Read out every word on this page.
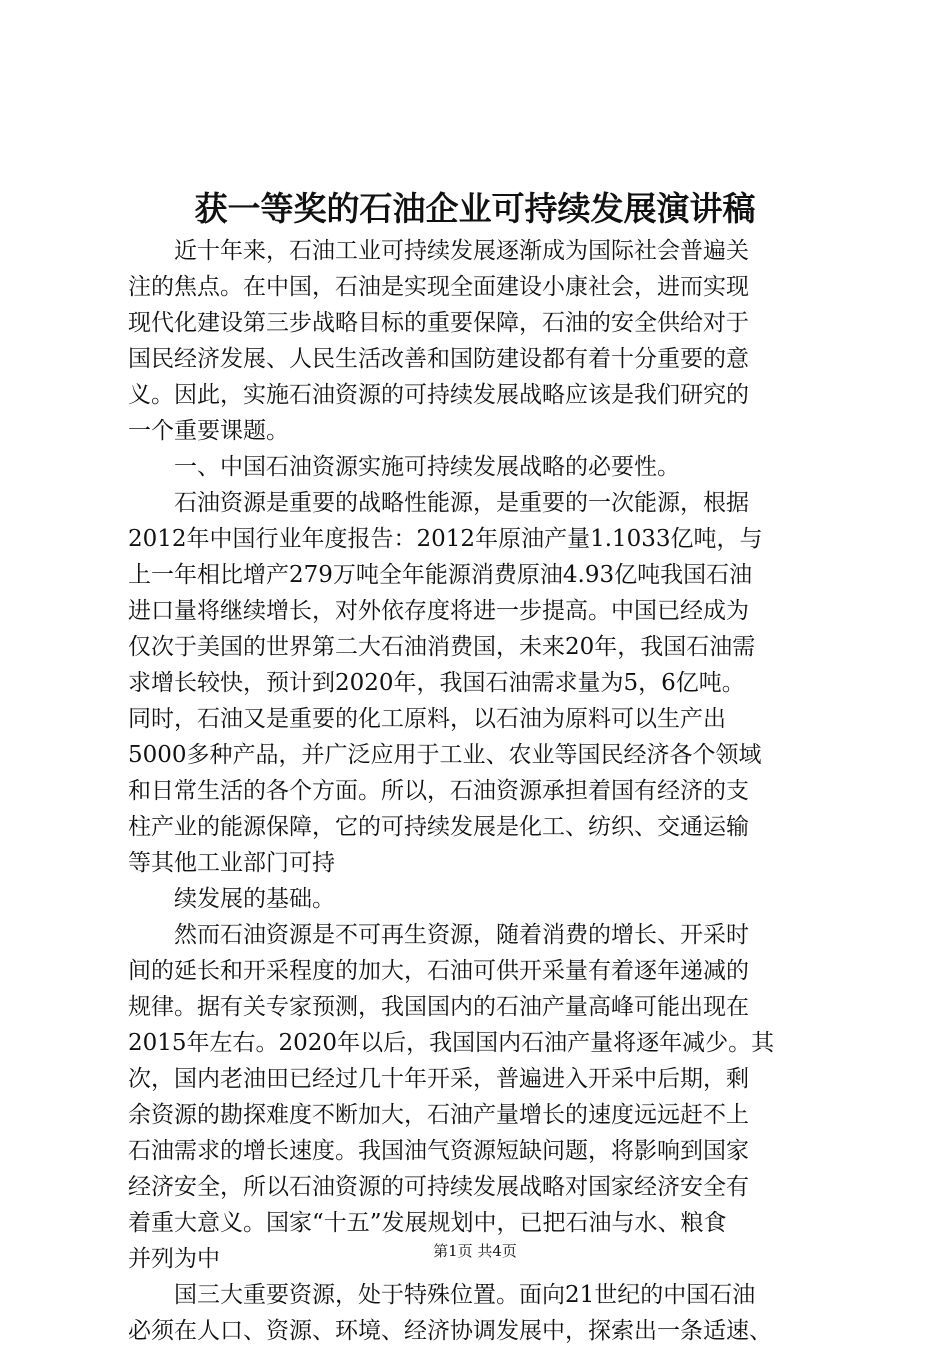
获一等奖的石油企业可持续发展演讲稿

　　近十年来，石油工业可持续发展逐渐成为国际社会普遍关

注的焦点。在中国，石油是实现全面建设小康社会，进而实现

现代化建设第三步战略目标的重要保障，石油的安全供给对于

国民经济发展、人民生活改善和国防建设都有着十分重要的意

义。因此，实施石油资源的可持续发展战略应该是我们研究的

一个重要课题。

　　一、中国石油资源实施可持续发展战略的必要性。

　　石油资源是重要的战略性能源，是重要的一次能源，根据

2012年中国行业年度报告：2012年原油产量1.1033亿吨，与

上一年相比增产279万吨全年能源消费原油4.93亿吨我国石油

进口量将继续增长，对外依存度将进一步提高。中国已经成为

仅次于美国的世界第二大石油消费国，未来20年，我国石油需

求增长较快，预计到2020年，我国石油需求量为5，6亿吨。

同时，石油又是重要的化工原料，以石油为原料可以生产出

5000多种产品，并广泛应用于工业、农业等国民经济各个领域

和日常生活的各个方面。所以，石油资源承担着国有经济的支

柱产业的能源保障，它的可持续发展是化工、纺织、交通运输

等其他工业部门可持

　　续发展的基础。

　　然而石油资源是不可再生资源，随着消费的增长、开采时

间的延长和开采程度的加大，石油可供开采量有着逐年递减的

规律。据有关专家预测，我国国内的石油产量高峰可能出现在

2015年左右。2020年以后，我国国内石油产量将逐年减少。其

次，国内老油田已经过几十年开采，普遍进入开采中后期，剩

余资源的勘探难度不断加大，石油产量增长的速度远远赶不上

石油需求的增长速度。我国油气资源短缺问题，将影响到国家

经济安全，所以石油资源的可持续发展战略对国家经济安全有

着重大意义。国家“十五”发展规划中，已把石油与水、粮食

并列为中

　　国三大重要资源，处于特殊位置。面向21世纪的中国石油

必须在人口、资源、环境、经济协调发展中，探索出一条适速、

第1页 共4页
